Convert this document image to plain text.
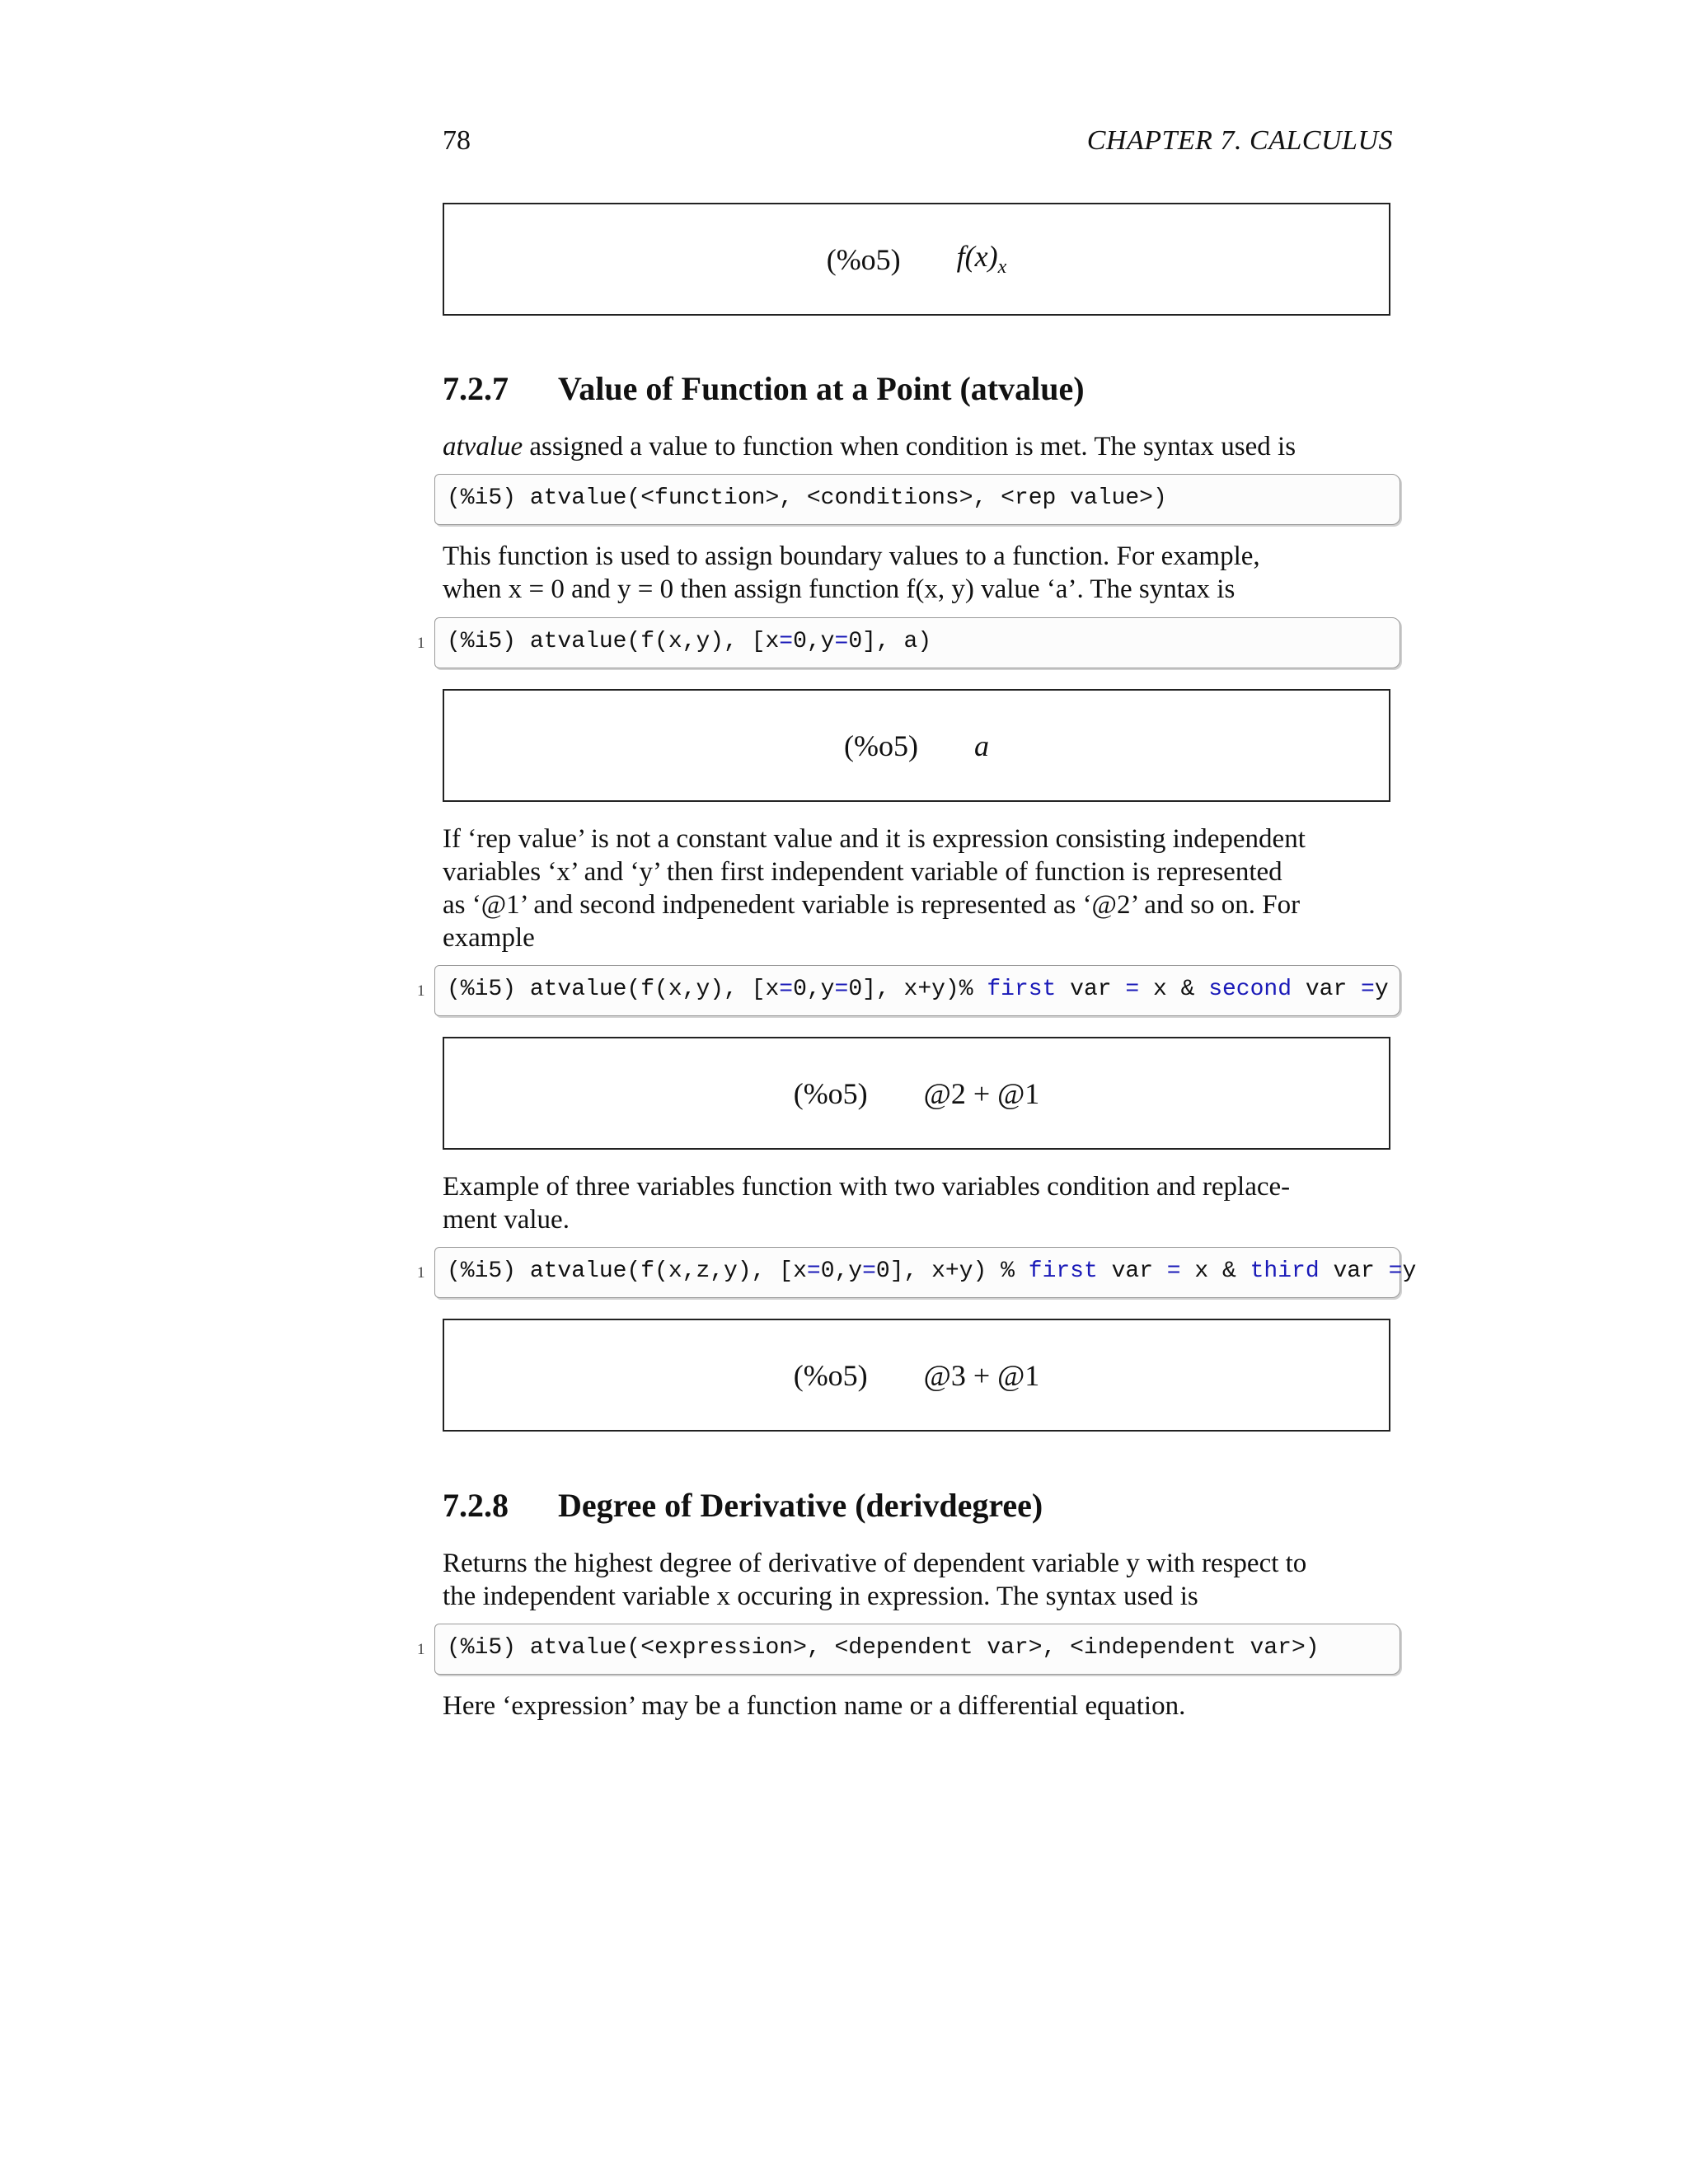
78	CHAPTER 7. CALCULUS
(%o5) $f(x)_x$
7.2.7 Value of Function at a Point (atvalue)
atvalue assigned a value to function when condition is met. The syntax used is
(%i5) atvalue(<function>, <conditions>, <rep value>)
This function is used to assign boundary values to a function. For example,
when x = 0 and y = 0 then assign function f(x, y) value ‘a’. The syntax is
1 (%i5) atvalue(f(x,y), [x=0,y=0], a)
(%o5) a
If ‘rep value’ is not a constant value and it is expression consisting independent
variables ‘x’ and ‘y’ then first independent variable of function is represented
as ‘@1’ and second indpenedent variable is represented as ‘@2’ and so on. For
example
1 (%i5) atvalue(f(x,y), [x=0,y=0], x+y)% first var = x & second var =y
(%o5) @2 + @1
Example of three variables function with two variables condition and replace-
ment value.
1 (%i5) atvalue(f(x,z,y), [x=0,y=0], x+y) % first var = x & third var =y
(%o5) @3 + @1
7.2.8 Degree of Derivative (derivdegree)
Returns the highest degree of derivative of dependent variable y with respect to
the independent variable x occuring in expression. The syntax used is
1 (%i5) atvalue(<expression>, <dependent var>, <independent var>)
Here ‘expression’ may be a function name or a differential equation.
